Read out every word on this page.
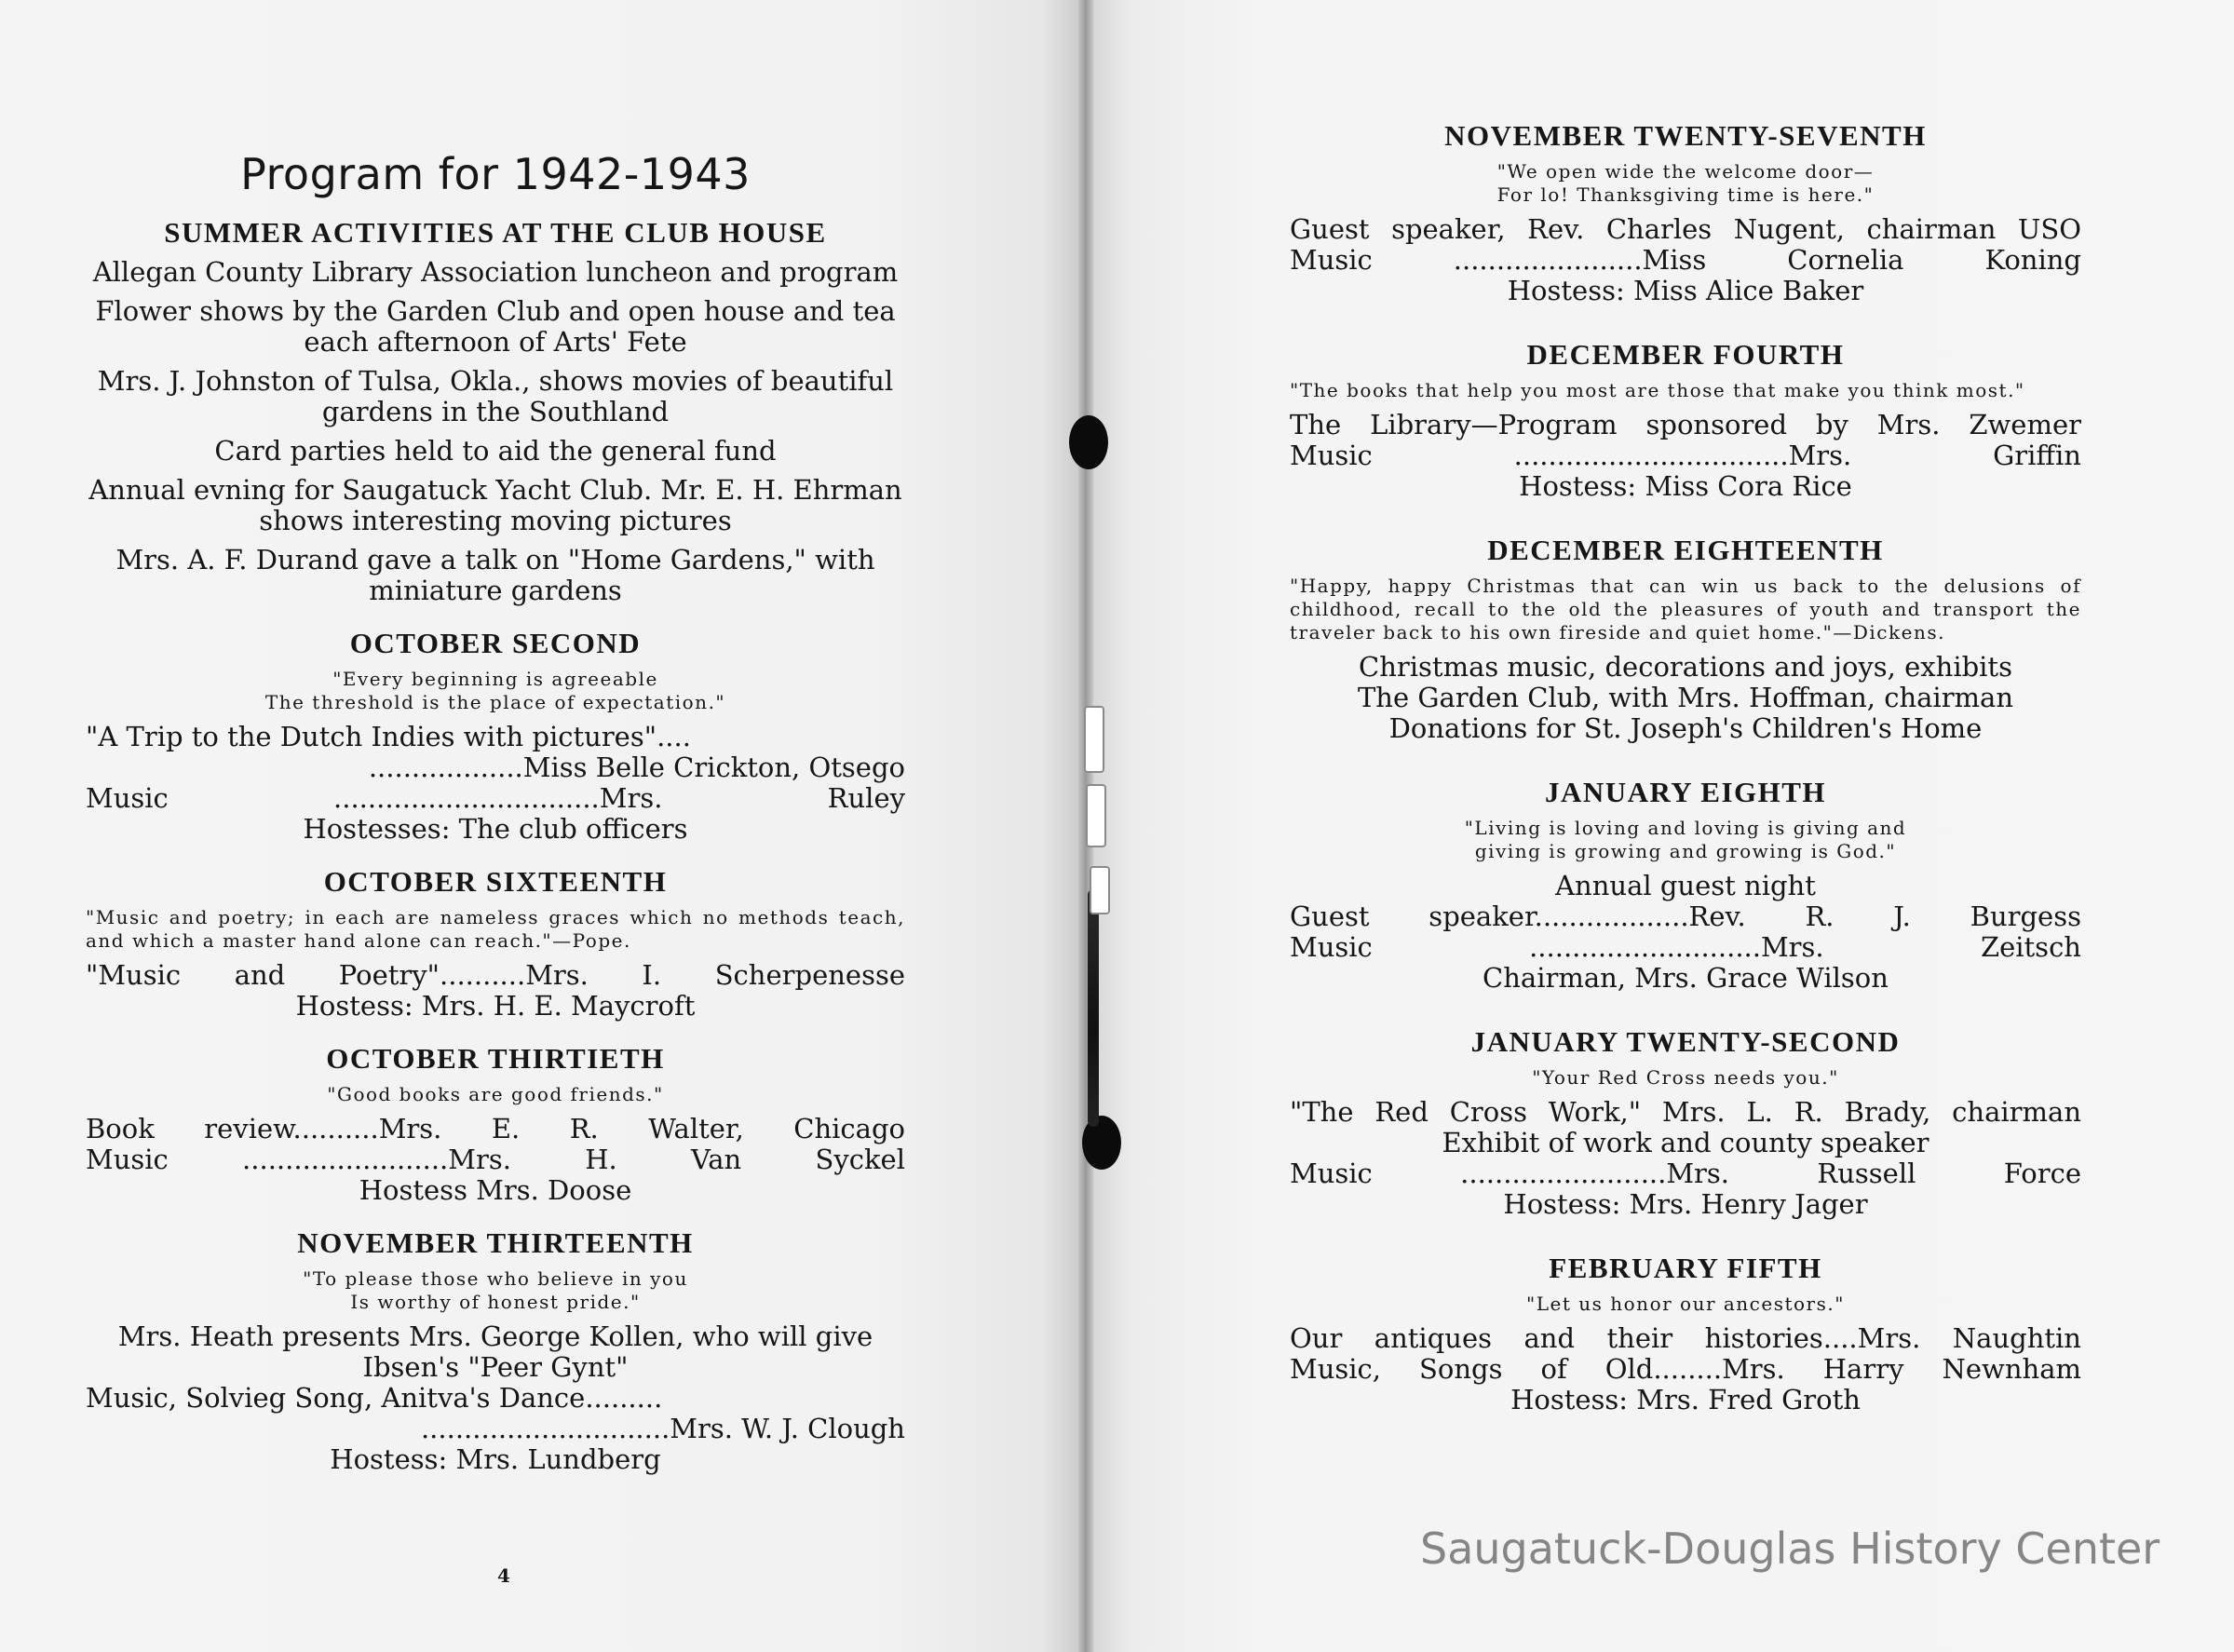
Program for 1942-1943
SUMMER ACTIVITIES AT THE CLUB HOUSE

Allegan County Library Association luncheon and program

Flower shows by the Garden Club and open house and tea each afternoon of Arts' Fete

Mrs. J. Johnston of Tulsa, Okla., shows movies of beautiful gardens in the Southland

Card parties held to aid the general fund

Annual evning for Saugatuck Yacht Club. Mr. E. H. Ehrman shows interesting moving pictures

Mrs. A. F. Durand gave a talk on "Home Gardens," with miniature gardens

OCTOBER SECOND

"Every beginning is agreeable
The threshold is the place of expectation."

"A Trip to the Dutch Indies with pictures"....

..................Miss Belle Crickton, Otsego

Music ...............................Mrs. Ruley

Hostesses: The club officers

OCTOBER SIXTEENTH

"Music and poetry; in each are nameless graces which no methods teach, and which a master hand alone can reach."—Pope.

"Music and Poetry"..........Mrs. I. Scherpenesse

Hostess: Mrs. H. E. Maycroft

OCTOBER THIRTIETH

"Good books are good friends."

Book review..........Mrs. E. R. Walter, Chicago

Music ........................Mrs. H. Van Syckel

Hostess Mrs. Doose

NOVEMBER THIRTEENTH

"To please those who believe in you
Is worthy of honest pride."

Mrs. Heath presents Mrs. George Kollen, who will give Ibsen's "Peer Gynt"

Music, Solvieg Song, Anitva's Dance.........

.............................Mrs. W. J. Clough

Hostess: Mrs. Lundberg

4
NOVEMBER TWENTY-SEVENTH

"We open wide the welcome door—
For lo! Thanksgiving time is here."

Guest speaker, Rev. Charles Nugent, chairman USO

Music ......................Miss Cornelia Koning

Hostess: Miss Alice Baker

DECEMBER FOURTH

"The books that help you most are those that make you think most."

The Library—Program sponsored by Mrs. Zwemer

Music ................................Mrs. Griffin

Hostess: Miss Cora Rice

DECEMBER EIGHTEENTH

"Happy, happy Christmas that can win us back to the delusions of childhood, recall to the old the pleasures of youth and transport the traveler back to his own fireside and quiet home."—Dickens.

Christmas music, decorations and joys, exhibits

The Garden Club, with Mrs. Hoffman, chairman

Donations for St. Joseph's Children's Home

JANUARY EIGHTH

"Living is loving and loving is giving and
giving is growing and growing is God."

Annual guest night

Guest speaker..................Rev. R. J. Burgess

Music ...........................Mrs. Zeitsch

Chairman, Mrs. Grace Wilson

JANUARY TWENTY-SECOND

"Your Red Cross needs you."

"The Red Cross Work," Mrs. L. R. Brady, chairman

Exhibit of work and county speaker

Music ........................Mrs. Russell Force

Hostess: Mrs. Henry Jager

FEBRUARY FIFTH

"Let us honor our ancestors."

Our antiques and their histories....Mrs. Naughtin

Music, Songs of Old........Mrs. Harry Newnham

Hostess: Mrs. Fred Groth

Saugatuck-Douglas History Center
